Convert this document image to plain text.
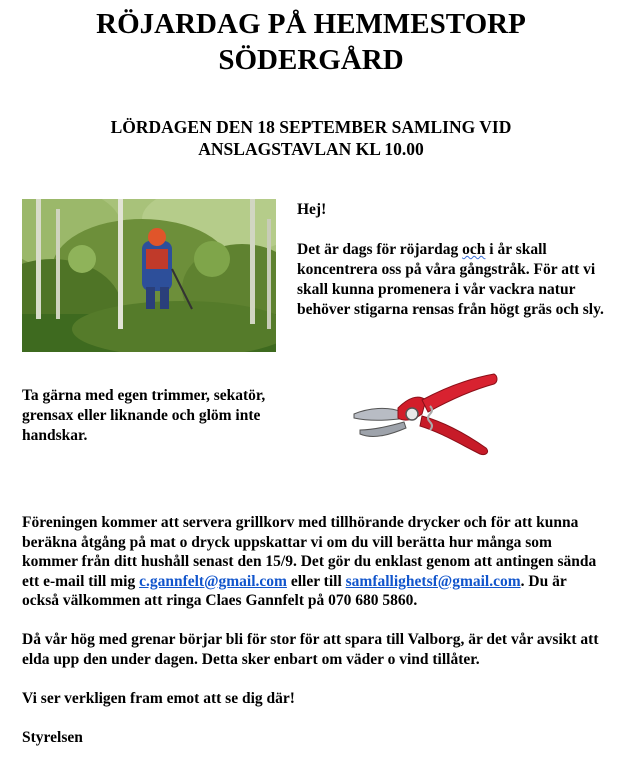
RÖJARDAG PÅ HEMMESTORP
SÖDERGÅRD
LÖRDAGEN DEN 18 SEPTEMBER SAMLING VID
ANSLAGSTAVLAN KL 10.00

Hej!

Det är dags för röjardag och i år skall koncentrera oss på våra gångstråk. För att vi skall kunna promenera i vår vackra natur behöver stigarna rensas från högt gräs och sly.

Ta gärna med egen trimmer, sekatör, grensax eller liknande och glöm inte handskar.

Föreningen kommer att servera grillkorv med tillhörande drycker och för att kunna beräkna åtgång på mat o dryck uppskattar vi om du vill berätta hur många som kommer från ditt hushåll senast den 15/9. Det gör du enklast genom att antingen sända ett e-mail till mig c.gannfelt@gmail.com eller till samfallighetsf@gmail.com. Du är också välkommen att ringa Claes Gannfelt på 070 680 5860.

Då vår hög med grenar börjar bli för stor för att spara till Valborg, är det vår avsikt att elda upp den under dagen. Detta sker enbart om väder o vind tillåter.

Vi ser verkligen fram emot att se dig där!

Styrelsen
